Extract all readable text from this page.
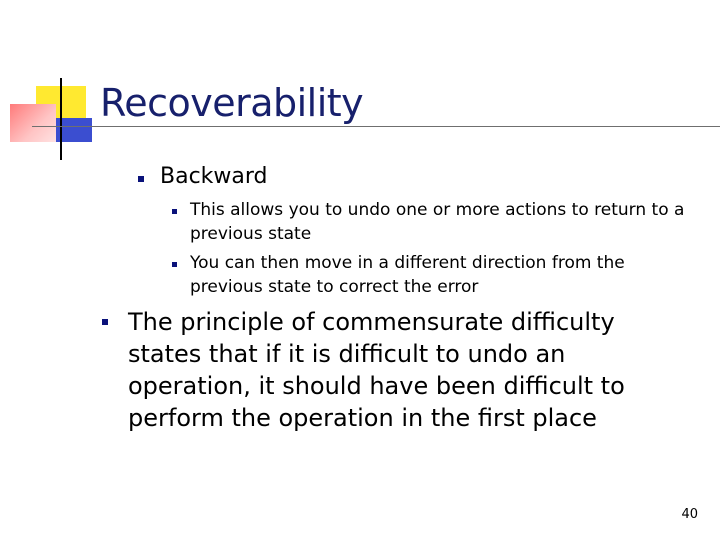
Recoverability
Backward
This allows you to undo one or more actions to return to a previous state
You can then move in a different direction from the previous state to correct the error
The principle of commensurate difficulty states that if it is difficult to undo an operation, it should have been difficult to perform the operation in the first place
40
